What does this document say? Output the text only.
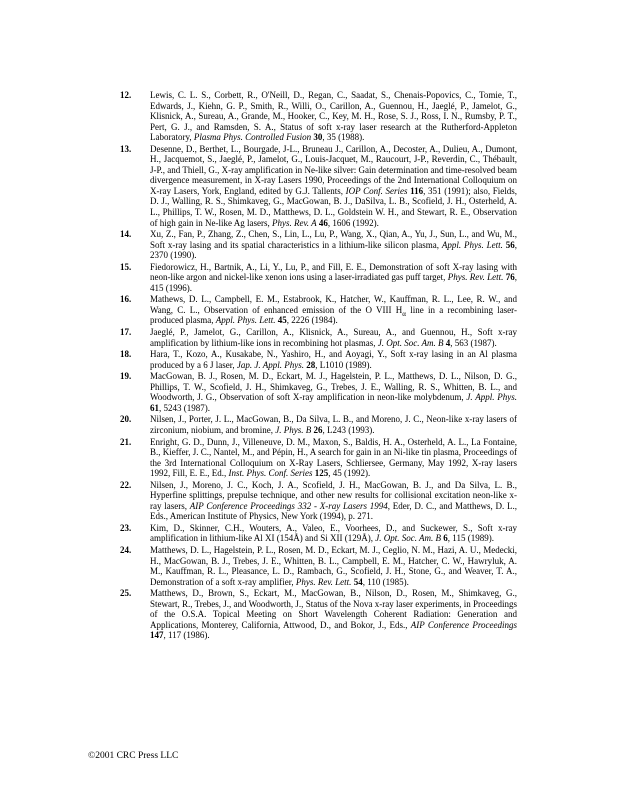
12.	Lewis, C. L. S., Corbett, R., O'Neill, D., Regan, C., Saadat, S., Chenais-Popovics, C., Tomie, T., Edwards, J., Kiehn, G. P., Smith, R., Willi, O., Carillon, A., Guennou, H., Jaeglé, P., Jamelot, G., Klisnick, A., Sureau, A., Grande, M., Hooker, C., Key, M. H., Rose, S. J., Ross, I. N., Rumsby, P. T., Pert, G. J., and Ramsden, S. A., Status of soft x-ray laser research at the Rutherford-Appleton Laboratory, Plasma Phys. Controlled Fusion 30, 35 (1988).
13.	Desenne, D., Berthet, L., Bourgade, J-L., Bruneau J., Carillon, A., Decoster, A., Dulieu, A., Dumont, H., Jacquemot, S., Jaeglé, P., Jamelot, G., Louis-Jacquet, M., Raucourt, J-P., Reverdin, C., Thébault, J-P., and Thiell, G., X-ray amplification in Ne-like silver: Gain determination and time-resolved beam divergence measurement, in X-ray Lasers 1990, Proceedings of the 2nd International Colloquium on X-ray Lasers, York, England, edited by G.J. Tallents, IOP Conf. Series 116, 351 (1991); also, Fields, D. J., Walling, R. S., Shimkaveg, G., MacGowan, B. J., DaSilva, L. B., Scofield, J. H., Osterheld, A. L., Phillips, T. W., Rosen, M. D., Matthews, D. L., Goldstein W. H., and Stewart, R. E., Observation of high gain in Ne-like Ag lasers, Phys. Rev. A 46, 1606 (1992).
14.	Xu, Z., Fan, P., Zhang, Z., Chen, S., Lin, L., Lu, P., Wang, X., Qian, A., Yu, J., Sun, L., and Wu, M., Soft x-ray lasing and its spatial characteristics in a lithium-like silicon plasma, Appl. Phys. Lett. 56, 2370 (1990).
15.	Fiedorowicz, H., Bartnik, A., Li, Y., Lu, P., and Fill, E. E., Demonstration of soft X-ray lasing with neon-like argon and nickel-like xenon ions using a laser-irradiated gas puff target, Phys. Rev. Lett. 76, 415 (1996).
16.	Mathews, D. L., Campbell, E. M., Estabrook, K., Hatcher, W., Kauffman, R. L., Lee, R. W., and Wang, C. L., Observation of enhanced emission of the O VIII $H_\alpha$ line in a recombining laser-produced plasma, Appl. Phys. Lett. 45, 2226 (1984).
17.	Jaeglé, P., Jamelot, G., Carillon, A., Klisnick, A., Sureau, A., and Guennou, H., Soft x-ray amplification by lithium-like ions in recombining hot plasmas, J. Opt. Soc. Am. B 4, 563 (1987).
18.	Hara, T., Kozo, A., Kusakabe, N., Yashiro, H., and Aoyagi, Y., Soft x-ray lasing in an Al plasma produced by a 6 J laser, Jap. J. Appl. Phys. 28, L1010 (1989).
19.	MacGowan, B. J., Rosen, M. D., Eckart, M. J., Hagelstein, P. L., Matthews, D. L., Nilson, D. G., Phillips, T. W., Scofield, J. H., Shimkaveg, G., Trebes, J. E., Walling, R. S., Whitten, B. L., and Woodworth, J. G., Observation of soft X-ray amplification in neon-like molybdenum, J. Appl. Phys. 61, 5243 (1987).
20.	Nilsen, J., Porter, J. L., MacGowan, B., Da Silva, L. B., and Moreno, J. C., Neon-like x-ray lasers of zirconium, niobium, and bromine, J. Phys. B 26, L243 (1993).
21.	Enright, G. D., Dunn, J., Villeneuve, D. M., Maxon, S., Baldis, H. A., Osterheld, A. L., La Fontaine, B., Kieffer, J. C., Nantel, M., and Pépin, H., A search for gain in an Ni-like tin plasma, Proceedings of the 3rd International Colloquium on X-Ray Lasers, Schliersee, Germany, May 1992, X-ray lasers 1992, Fill, E. E., Ed., Inst. Phys. Conf. Series 125, 45 (1992).
22.	Nilsen, J., Moreno, J. C., Koch, J. A., Scofield, J. H., MacGowan, B. J., and Da Silva, L. B., Hyperfine splittings, prepulse technique, and other new results for collisional excitation neon-like x-ray lasers, AIP Conference Proceedings 332 - X-ray Lasers 1994, Eder, D. C., and Matthews, D. L., Eds., American Institute of Physics, New York (1994), p. 271.
23.	Kim, D., Skinner, C.H., Wouters, A., Valeo, E., Voorhees, D., and Suckewer, S., Soft x-ray amplification in lithium-like Al XI (154Å) and Si XII (129Å), J. Opt. Soc. Am. B 6, 115 (1989).
24.	Matthews, D. L., Hagelstein, P. L., Rosen, M. D., Eckart, M. J., Ceglio, N. M., Hazi, A. U., Medecki, H., MacGowan, B. J., Trebes, J. E., Whitten, B. L., Campbell, E. M., Hatcher, C. W., Hawryluk, A. M., Kauffman, R. L., Pleasance, L. D., Rambach, G., Scofield, J. H., Stone, G., and Weaver, T. A., Demonstration of a soft x-ray amplifier, Phys. Rev. Lett. 54, 110 (1985).
25.	Matthews, D., Brown, S., Eckart, M., MacGowan, B., Nilson, D., Rosen, M., Shimkaveg, G., Stewart, R., Trebes, J., and Woodworth, J., Status of the Nova x-ray laser experiments, in Proceedings of the O.S.A. Topical Meeting on Short Wavelength Coherent Radiation: Generation and Applications, Monterey, California, Attwood, D., and Bokor, J., Eds., AIP Conference Proceedings 147, 117 (1986).
©2001 CRC Press LLC
